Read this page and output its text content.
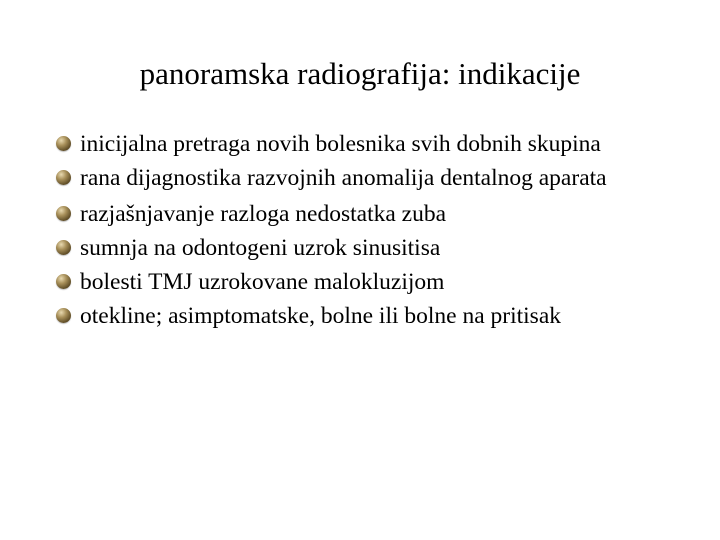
panoramska radiografija: indikacije
inicijalna pretraga novih bolesnika svih dobnih skupina
rana dijagnostika razvojnih anomalija dentalnog aparata
razjašnjavanje razloga nedostatka zuba
sumnja na odontogeni uzrok sinusitisa
bolesti TMJ uzrokovane malokluzijom
otekline; asimptomatske, bolne ili bolne na pritisak
